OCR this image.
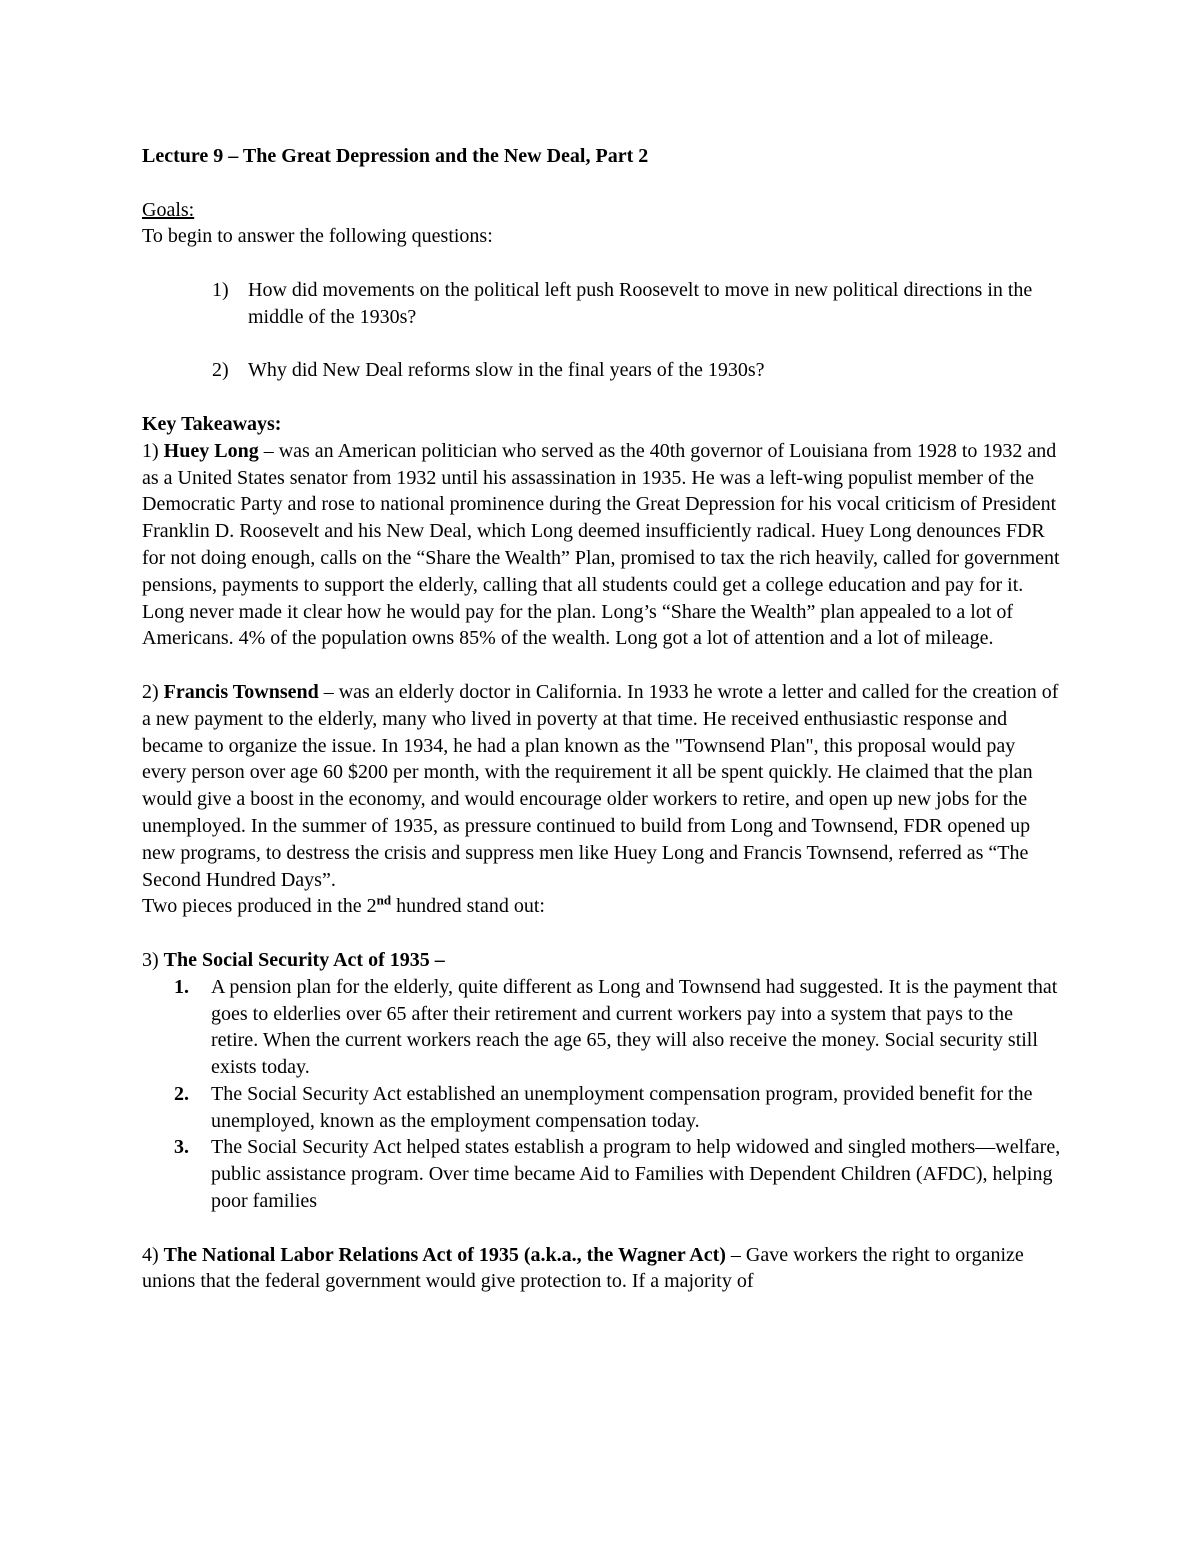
Lecture 9 – The Great Depression and the New Deal, Part 2

Goals:
To begin to answer the following questions:
1) How did movements on the political left push Roosevelt to move in new political directions in the middle of the 1930s?
2) Why did New Deal reforms slow in the final years of the 1930s?
Key Takeaways:

1) Huey Long – was an American politician who served as the 40th governor of Louisiana from 1928 to 1932 and as a United States senator from 1932 until his assassination in 1935. He was a left-wing populist member of the Democratic Party and rose to national prominence during the Great Depression for his vocal criticism of President Franklin D. Roosevelt and his New Deal, which Long deemed insufficiently radical. Huey Long denounces FDR for not doing enough, calls on the “Share the Wealth” Plan, promised to tax the rich heavily, called for government pensions, payments to support the elderly, calling that all students could get a college education and pay for it. Long never made it clear how he would pay for the plan. Long’s “Share the Wealth” plan appealed to a lot of Americans. 4% of the population owns 85% of the wealth. Long got a lot of attention and a lot of mileage.

2) Francis Townsend – was an elderly doctor in California. In 1933 he wrote a letter and called for the creation of a new payment to the elderly, many who lived in poverty at that time. He received enthusiastic response and became to organize the issue. In 1934, he had a plan known as the "Townsend Plan", this proposal would pay every person over age 60 $200 per month, with the requirement it all be spent quickly. He claimed that the plan would give a boost in the economy, and would encourage older workers to retire, and open up new jobs for the unemployed. In the summer of 1935, as pressure continued to build from Long and Townsend, FDR opened up new programs, to destress the crisis and suppress men like Huey Long and Francis Townsend, referred as “The Second Hundred Days”.

Two pieces produced in the 2nd hundred stand out:

3) The Social Security Act of 1935 –

1. A pension plan for the elderly, quite different as Long and Townsend had suggested. It is the payment that goes to elderlies over 65 after their retirement and current workers pay into a system that pays to the retire. When the current workers reach the age 65, they will also receive the money. Social security still exists today.
2. The Social Security Act established an unemployment compensation program, provided benefit for the unemployed, known as the employment compensation today.
3. The Social Security Act helped states establish a program to help widowed and singled mothers—welfare, public assistance program. Over time became Aid to Families with Dependent Children (AFDC), helping poor families

4) The National Labor Relations Act of 1935 (a.k.a., the Wagner Act) – Gave workers the right to organize unions that the federal government would give protection to. If a majority of
